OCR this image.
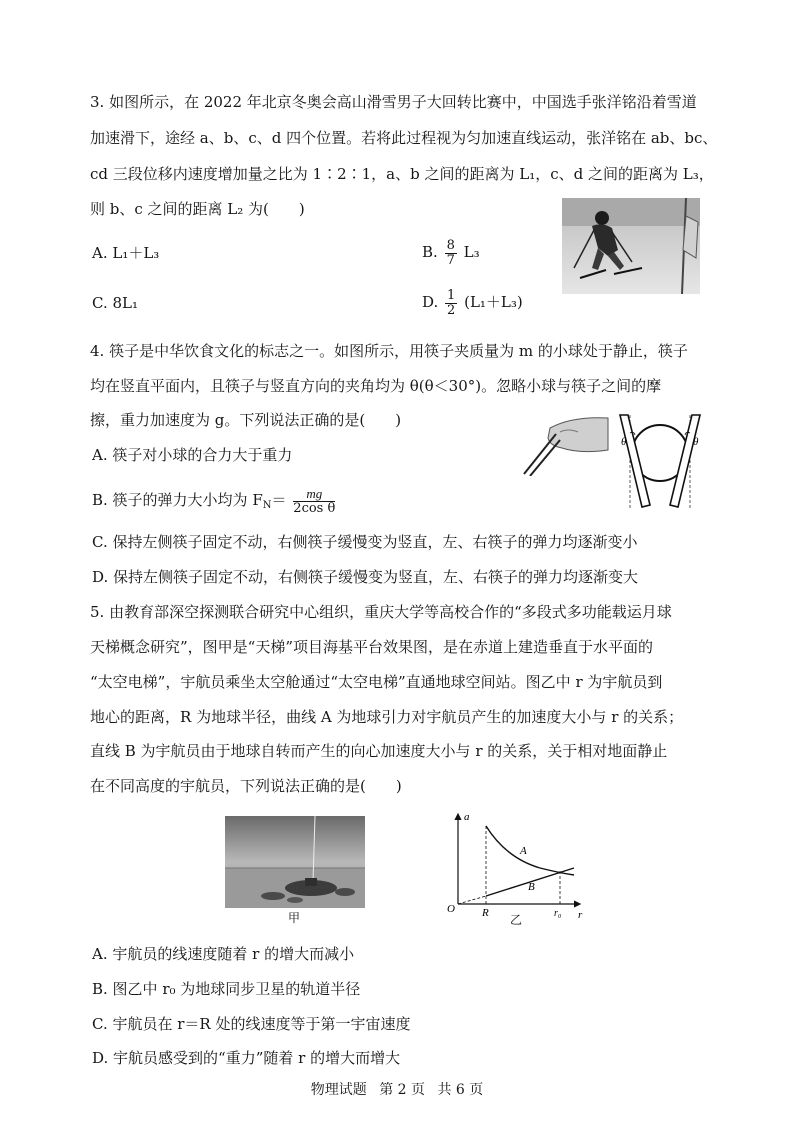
3. 如图所示，在 2022 年北京冬奥会高山滑雪男子大回转比赛中，中国选手张洋铭沿着雪道
加速滑下，途经 a、b、c、d 四个位置。若将此过程视为匀加速直线运动，张洋铭在 ab、bc、
cd 三段位移内速度增加量之比为 1∶2∶1，a、b 之间的距离为 L₁，c、d 之间的距离为 L₃，
则 b、c 之间的距离 L₂ 为(　　)
A. L₁＋L₃	B. $\frac{8}{7} L_3$
C. 8L₁	D. $\frac{1}{2} (L_1+L_3)$
4. 筷子是中华饮食文化的标志之一。如图所示，用筷子夹质量为 m 的小球处于静止，筷子
均在竖直平面内，且筷子与竖直方向的夹角均为 θ(θ＜30°)。忽略小球与筷子之间的摩
擦，重力加速度为 g。下列说法正确的是(　　)
θ	θ
A. 筷子对小球的合力大于重力
B. 筷子的弹力大小均为 $F_N= \frac{mg}{\text{2cos θ}}$
C. 保持左侧筷子固定不动，右侧筷子缓慢变为竖直，左、右筷子的弹力均逐渐变小
D. 保持左侧筷子固定不动，右侧筷子缓慢变为竖直，左、右筷子的弹力均逐渐变大
5. 由教育部深空探测联合研究中心组织，重庆大学等高校合作的“多段式多功能载运月球
天梯概念研究”，图甲是“天梯”项目海基平台效果图，是在赤道上建造垂直于水平面的
“太空电梯”，宇航员乘坐太空舱通过“太空电梯”直通地球空间站。图乙中 r 为宇航员到
地心的距离，R 为地球半径，曲线 A 为地球引力对宇航员产生的加速度大小与 r 的关系；
直线 B 为宇航员由于地球自转而产生的向心加速度大小与 r 的关系，关于相对地面静止
在不同高度的宇航员，下列说法正确的是(　　)
甲
a
r
O R	r₀
A
B
乙
A. 宇航员的线速度随着 r 的增大而减小
B. 图乙中 r₀ 为地球同步卫星的轨道半径
C. 宇航员在 r＝R 处的线速度等于第一宇宙速度
D. 宇航员感受到的“重力”随着 r 的增大而增大
物理试题 第 2 页 共 6 页
